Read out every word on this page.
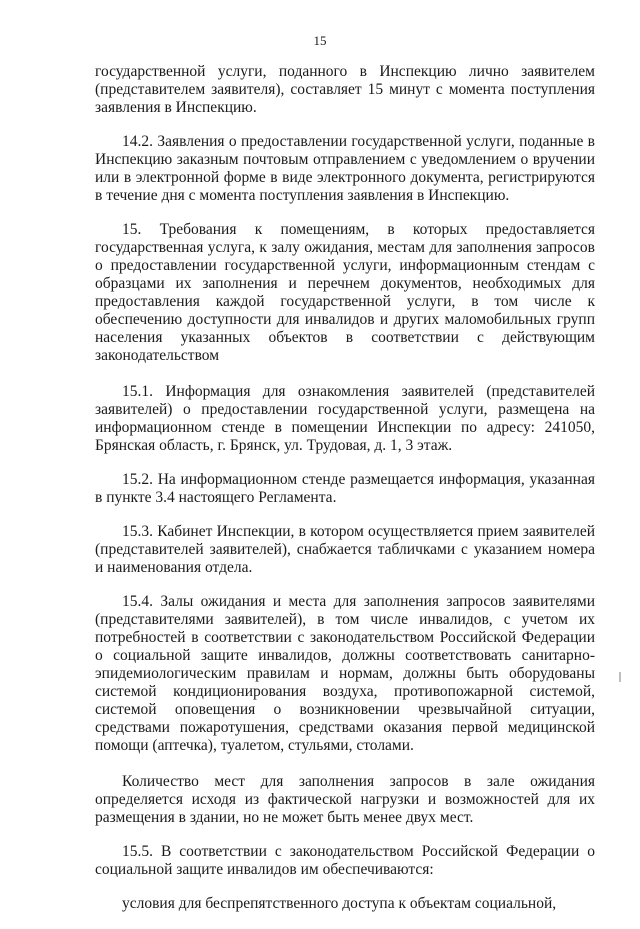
15

государственной услуги, поданного в Инспекцию лично заявителем (представителем заявителя), составляет 15 минут с момента поступления заявления в Инспекцию.

14.2. Заявления о предоставлении государственной услуги, поданные в Инспекцию заказным почтовым отправлением с уведомлением о вручении или в электронной форме в виде электронного документа, регистрируются в течение дня с момента поступления заявления в Инспекцию.

15. Требования к помещениям, в которых предоставляется государственная услуга, к залу ожидания, местам для заполнения запросов о предоставлении государственной услуги, информационным стендам с образцами их заполнения и перечнем документов, необходимых для предоставления каждой государственной услуги, в том числе к обеспечению доступности для инвалидов и других маломобильных групп населения указанных объектов в соответствии с действующим законодательством

15.1. Информация для ознакомления заявителей (представителей заявителей) о предоставлении государственной услуги, размещена на информационном стенде в помещении Инспекции по адресу: 241050, Брянская область, г. Брянск, ул. Трудовая, д. 1, 3 этаж.

15.2. На информационном стенде размещается информация, указанная в пункте 3.4 настоящего Регламента.

15.3. Кабинет Инспекции, в котором осуществляется прием заявителей (представителей заявителей), снабжается табличками с указанием номера и наименования отдела.

15.4. Залы ожидания и места для заполнения запросов заявителями (представителями заявителей), в том числе инвалидов, с учетом их потребностей в соответствии с законодательством Российской Федерации о социальной защите инвалидов, должны соответствовать санитарно-эпидемиологическим правилам и нормам, должны быть оборудованы системой кондиционирования воздуха, противопожарной системой, системой оповещения о возникновении чрезвычайной ситуации, средствами пожаротушения, средствами оказания первой медицинской помощи (аптечка), туалетом, стульями, столами.

Количество мест для заполнения запросов в зале ожидания определяется исходя из фактической нагрузки и возможностей для их размещения в здании, но не может быть менее двух мест.

15.5. В соответствии с законодательством Российской Федерации о социальной защите инвалидов им обеспечиваются:

условия для беспрепятственного доступа к объектам социальной,
